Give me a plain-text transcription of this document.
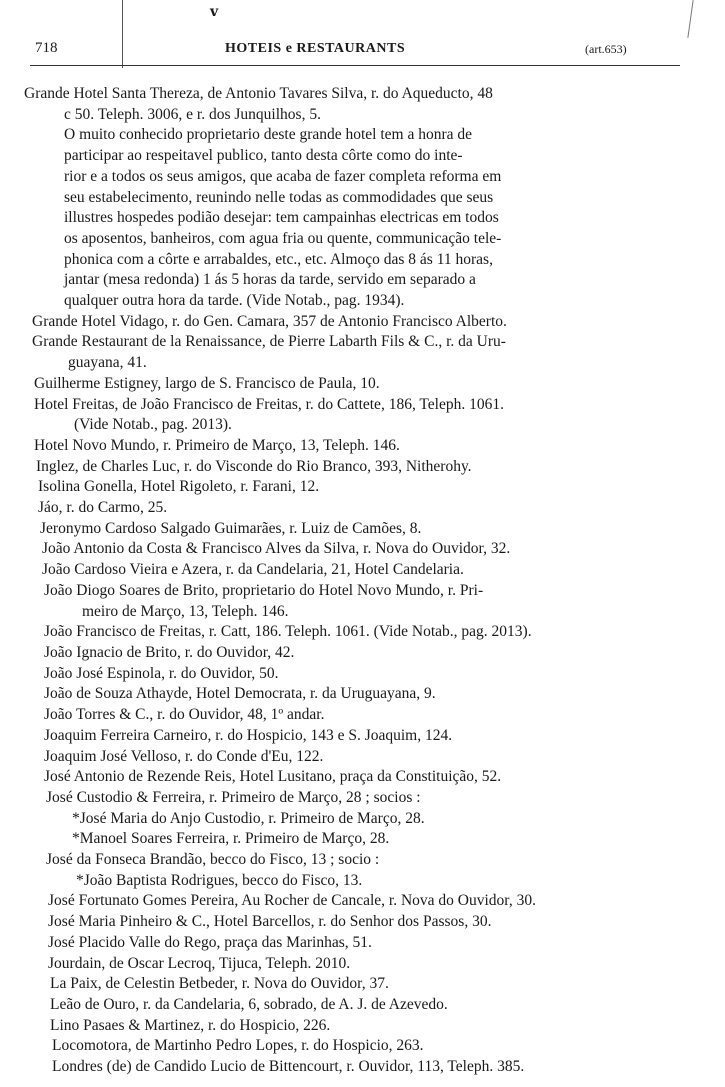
v
718	HOTEIS e RESTAURANTS	(art.653)
Grande Hotel Santa Thereza, de Antonio Tavares Silva, r. do Aqueducto, 48
c 50. Teleph. 3006, e r. dos Junquilhos, 5.
O muito conhecido proprietario deste grande hotel tem a honra de
participar ao respeitavel publico, tanto desta côrte como do inte-
rior e a todos os seus amigos, que acaba de fazer completa reforma em
seu estabelecimento, reunindo nelle todas as commodidades que seus
illustres hospedes podião desejar: tem campainhas electricas em todos
os aposentos, banheiros, com agua fria ou quente, communicação tele-
phonica com a côrte e arrabaldes, etc., etc. Almoço das 8 ás 11 horas,
jantar (mesa redonda) 1 ás 5 horas da tarde, servido em separado a
qualquer outra hora da tarde. (Vide Notab., pag. 1934).
Grande Hotel Vidago, r. do Gen. Camara, 357 de Antonio Francisco Alberto.
Grande Restaurant de la Renaissance, de Pierre Labarth Fils & C., r. da Uru-
guayana, 41.
Guilherme Estigney, largo de S. Francisco de Paula, 10.
Hotel Freitas, de João Francisco de Freitas, r. do Cattete, 186, Teleph. 1061.
(Vide Notab., pag. 2013).
Hotel Novo Mundo, r. Primeiro de Março, 13, Teleph. 146.
Inglez, de Charles Luc, r. do Visconde do Rio Branco, 393, Nitherohy.
Isolina Gonella, Hotel Rigoleto, r. Farani, 12.
Jáo, r. do Carmo, 25.
Jeronymo Cardoso Salgado Guimarães, r. Luiz de Camões, 8.
João Antonio da Costa & Francisco Alves da Silva, r. Nova do Ouvidor, 32.
João Cardoso Vieira e Azera, r. da Candelaria, 21, Hotel Candelaria.
João Diogo Soares de Brito, proprietario do Hotel Novo Mundo, r. Pri-
meiro de Março, 13, Teleph. 146.
João Francisco de Freitas, r. Catt, 186. Teleph. 1061. (Vide Notab., pag. 2013).
João Ignacio de Brito, r. do Ouvidor, 42.
João José Espinola, r. do Ouvidor, 50.
João de Souza Athayde, Hotel Democrata, r. da Uruguayana, 9.
João Torres & C., r. do Ouvidor, 48, 1º andar.
Joaquim Ferreira Carneiro, r. do Hospicio, 143 e S. Joaquim, 124.
Joaquim José Velloso, r. do Conde d'Eu, 122.
José Antonio de Rezende Reis, Hotel Lusitano, praça da Constituição, 52.
José Custodio & Ferreira, r. Primeiro de Março, 28 ; socios :
*José Maria do Anjo Custodio, r. Primeiro de Março, 28.
*Manoel Soares Ferreira, r. Primeiro de Março, 28.
José da Fonseca Brandão, becco do Fisco, 13 ; socio :
*João Baptista Rodrigues, becco do Fisco, 13.
José Fortunato Gomes Pereira, Au Rocher de Cancale, r. Nova do Ouvidor, 30.
José Maria Pinheiro & C., Hotel Barcellos, r. do Senhor dos Passos, 30.
José Placido Valle do Rego, praça das Marinhas, 51.
Jourdain, de Oscar Lecroq, Tijuca, Teleph. 2010.
La Paix, de Celestin Betbeder, r. Nova do Ouvidor, 37.
Leão de Ouro, r. da Candelaria, 6, sobrado, de A. J. de Azevedo.
Lino Pasaes & Martinez, r. do Hospicio, 226.
Locomotora, de Martinho Pedro Lopes, r. do Hospicio, 263.
Londres (de) de Candido Lucio de Bittencourt, r. Ouvidor, 113, Teleph. 385.
